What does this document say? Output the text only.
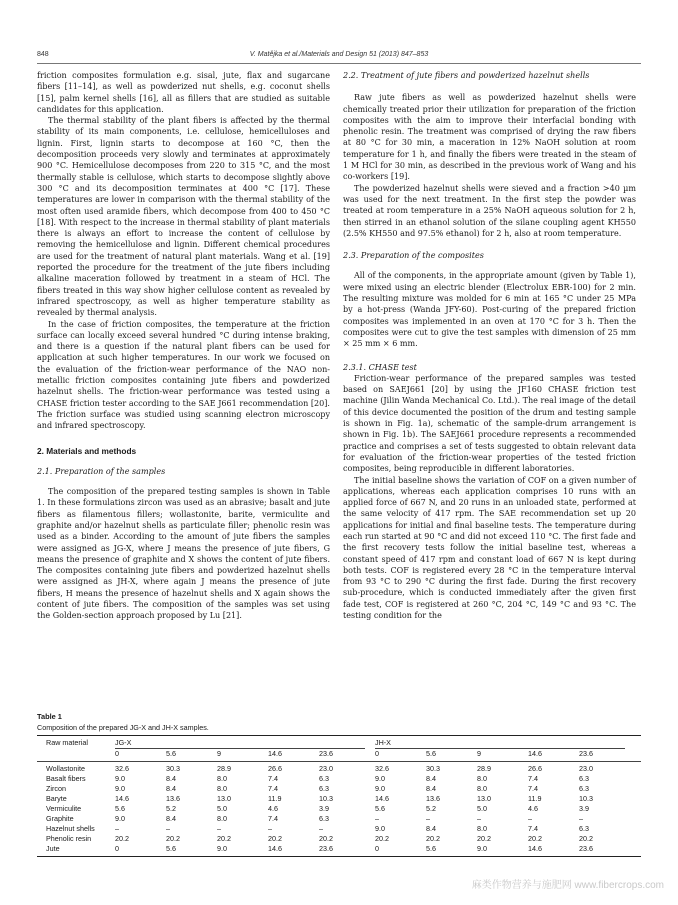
848	V. Matějka et al./Materials and Design 51 (2013) 847–853

friction composites formulation e.g. sisal, jute, flax and sugarcane fibers [11–14], as well as powderized nut shells, e.g. coconut shells [15], palm kernel shells [16], all as fillers that are studied as suitable candidates for this application.

The thermal stability of the plant fibers is affected by the thermal stability of its main components, i.e. cellulose, hemicelluloses and lignin. First, lignin starts to decompose at 160 °C, then the decomposition proceeds very slowly and terminates at approximately 900 °C. Hemicellulose decomposes from 220 to 315 °C, and the most thermally stable is cellulose, which starts to decompose slightly above 300 °C and its decomposition terminates at 400 °C [17]. These temperatures are lower in comparison with the thermal stability of the most often used aramide fibers, which decompose from 400 to 450 °C [18]. With respect to the increase in thermal stability of plant materials there is always an effort to increase the content of cellulose by removing the hemicellulose and lignin. Different chemical procedures are used for the treatment of natural plant materials. Wang et al. [19] reported the procedure for the treatment of the jute fibers including alkaline maceration followed by treatment in a steam of HCl. The fibers treated in this way show higher cellulose content as revealed by infrared spectroscopy, as well as higher temperature stability as revealed by thermal analysis.

In the case of friction composites, the temperature at the friction surface can locally exceed several hundred °C during intense braking, and there is a question if the natural plant fibers can be used for application at such higher temperatures. In our work we focused on the evaluation of the friction-wear performance of the NAO non-metallic friction composites containing jute fibers and powderized hazelnut shells. The friction-wear performance was tested using a CHASE friction tester according to the SAE J661 recommendation [20]. The friction surface was studied using scanning electron microscopy and infrared spectroscopy.

2. Materials and methods

2.1. Preparation of the samples

The composition of the prepared testing samples is shown in Table 1. In these formulations zircon was used as an abrasive; basalt and jute fibers as filamentous fillers; wollastonite, barite, vermiculite and graphite and/or hazelnut shells as particulate filler; phenolic resin was used as a binder. According to the amount of jute fibers the samples were assigned as JG-X, where J means the presence of jute fibers, G means the presence of graphite and X shows the content of jute fibers. The composites containing jute fibers and powderized hazelnut shells were assigned as JH-X, where again J means the presence of jute fibers, H means the presence of hazelnut shells and X again shows the content of jute fibers. The composition of the samples was set using the Golden-section approach proposed by Lu [21].

2.2. Treatment of jute fibers and powderized hazelnut shells

Raw jute fibers as well as powderized hazelnut shells were chemically treated prior their utilization for preparation of the friction composites with the aim to improve their interfacial bonding with phenolic resin. The treatment was comprised of drying the raw fibers at 80 °C for 30 min, a maceration in 12% NaOH solution at room temperature for 1 h, and finally the fibers were treated in the steam of 1 M HCl for 30 min, as described in the previous work of Wang and his co-workers [19].

The powderized hazelnut shells were sieved and a fraction >40 µm was used for the next treatment. In the first step the powder was treated at room temperature in a 25% NaOH aqueous solution for 2 h, then stirred in an ethanol solution of the silane coupling agent KH550 (2.5% KH550 and 97.5% ethanol) for 2 h, also at room temperature.

2.3. Preparation of the composites

All of the components, in the appropriate amount (given by Table 1), were mixed using an electric blender (Electrolux EBR-100) for 2 min. The resulting mixture was molded for 6 min at 165 °C under 25 MPa by a hot-press (Wanda JFY-60). Post-curing of the prepared friction composites was implemented in an oven at 170 °C for 3 h. Then the composites were cut to give the test samples with dimension of 25 mm × 25 mm × 6 mm.

2.3.1. CHASE test

Friction-wear performance of the prepared samples was tested based on SAEJ661 [20] by using the JF160 CHASE friction test machine (Jilin Wanda Mechanical Co. Ltd.). The real image of the detail of this device documented the position of the drum and testing sample is shown in Fig. 1a), schematic of the sample-drum arrangement is shown in Fig. 1b). The SAEJ661 procedure represents a recommended practice and comprises a set of tests suggested to obtain relevant data for evaluation of the friction-wear properties of the tested friction composites, being reproducible in different laboratories.

The initial baseline shows the variation of COF on a given number of applications, whereas each application comprises 10 runs with an applied force of 667 N, and 20 runs in an unloaded state, performed at the same velocity of 417 rpm. The SAE recommendation set up 20 applications for initial and final baseline tests. The temperature during each run started at 90 °C and did not exceed 110 °C. The first fade and the first recovery tests follow the initial baseline test, whereas a constant speed of 417 rpm and constant load of 667 N is kept during both tests. COF is registered every 28 °C in the temperature interval from 93 °C to 290 °C during the first fade. During the first recovery sub-procedure, which is conducted immediately after the given first fade test, COF is registered at 260 °C, 204 °C, 149 °C and 93 °C. The testing condition for the

Table 1
Composition of the prepared JG-X and JH-X samples.
Raw material	JG-X	JH-X
0	5.6	9	14.6	23.6	0	5.6	9	14.6	23.6
Wollastonite	32.6	30.3	28.9	26.6	23.0	32.6	30.3	28.9	26.6	23.0
Basalt fibers	9.0	8.4	8.0	7.4	6.3	9.0	8.4	8.0	7.4	6.3
Zircon	9.0	8.4	8.0	7.4	6.3	9.0	8.4	8.0	7.4	6.3
Baryte	14.6	13.6	13.0	11.9	10.3	14.6	13.6	13.0	11.9	10.3
Vermiculite	5.6	5.2	5.0	4.6	3.9	5.6	5.2	5.0	4.6	3.9
Graphite	9.0	8.4	8.0	7.4	6.3	–	–	–	–	–
Hazelnut shells	–	–	–	–	–	9.0	8.4	8.0	7.4	6.3
Phenolic resin	20.2	20.2	20.2	20.2	20.2	20.2	20.2	20.2	20.2	20.2
Jute	0	5.6	9.0	14.6	23.6	0	5.6	9.0	14.6	23.6
麻类作物营养与施肥网 www.fibercrops.com
